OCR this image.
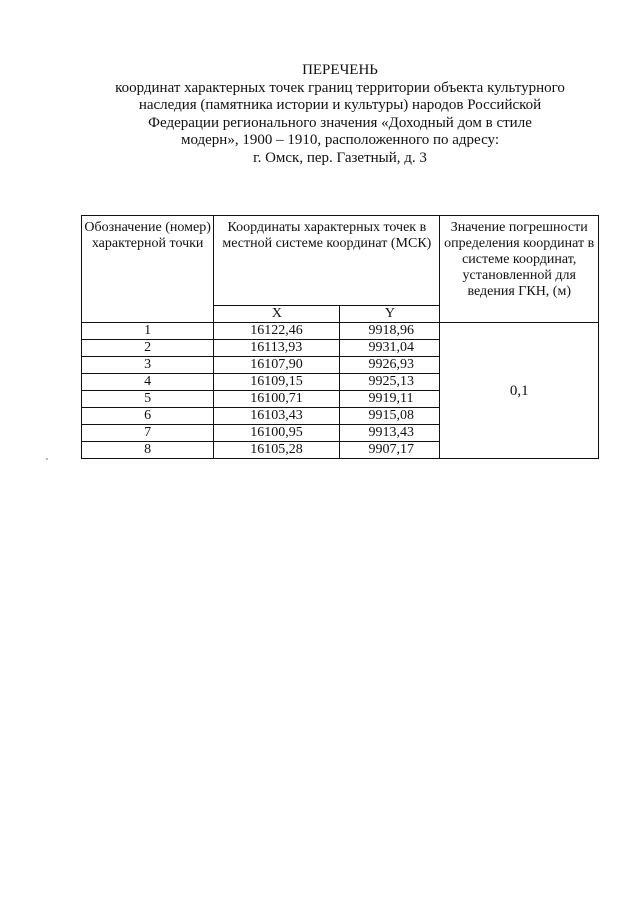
ПЕРЕЧЕНЬ
координат характерных точек границ территории объекта культурного
наследия (памятника истории и культуры) народов Российской
Федерации регионального значения «Доходный дом в стиле
модерн», 1900 – 1910, расположенного по адресу:
г. Омск, пер. Газетный, д. 3
Обозначение (номер) характерной точки	Координаты характерных точек в местной системе координат (МСК)		Значение погрешности определения координат в системе координат, установленной для ведения ГКН, (м)
	X	Y	
1	16122,46	9918,96	0,1
2	16113,93	9931,04	
3	16107,90	9926,93	
4	16109,15	9925,13	
5	16100,71	9919,11	
6	16103,43	9915,08	
7	16100,95	9913,43	
8	16105,28	9907,17	
